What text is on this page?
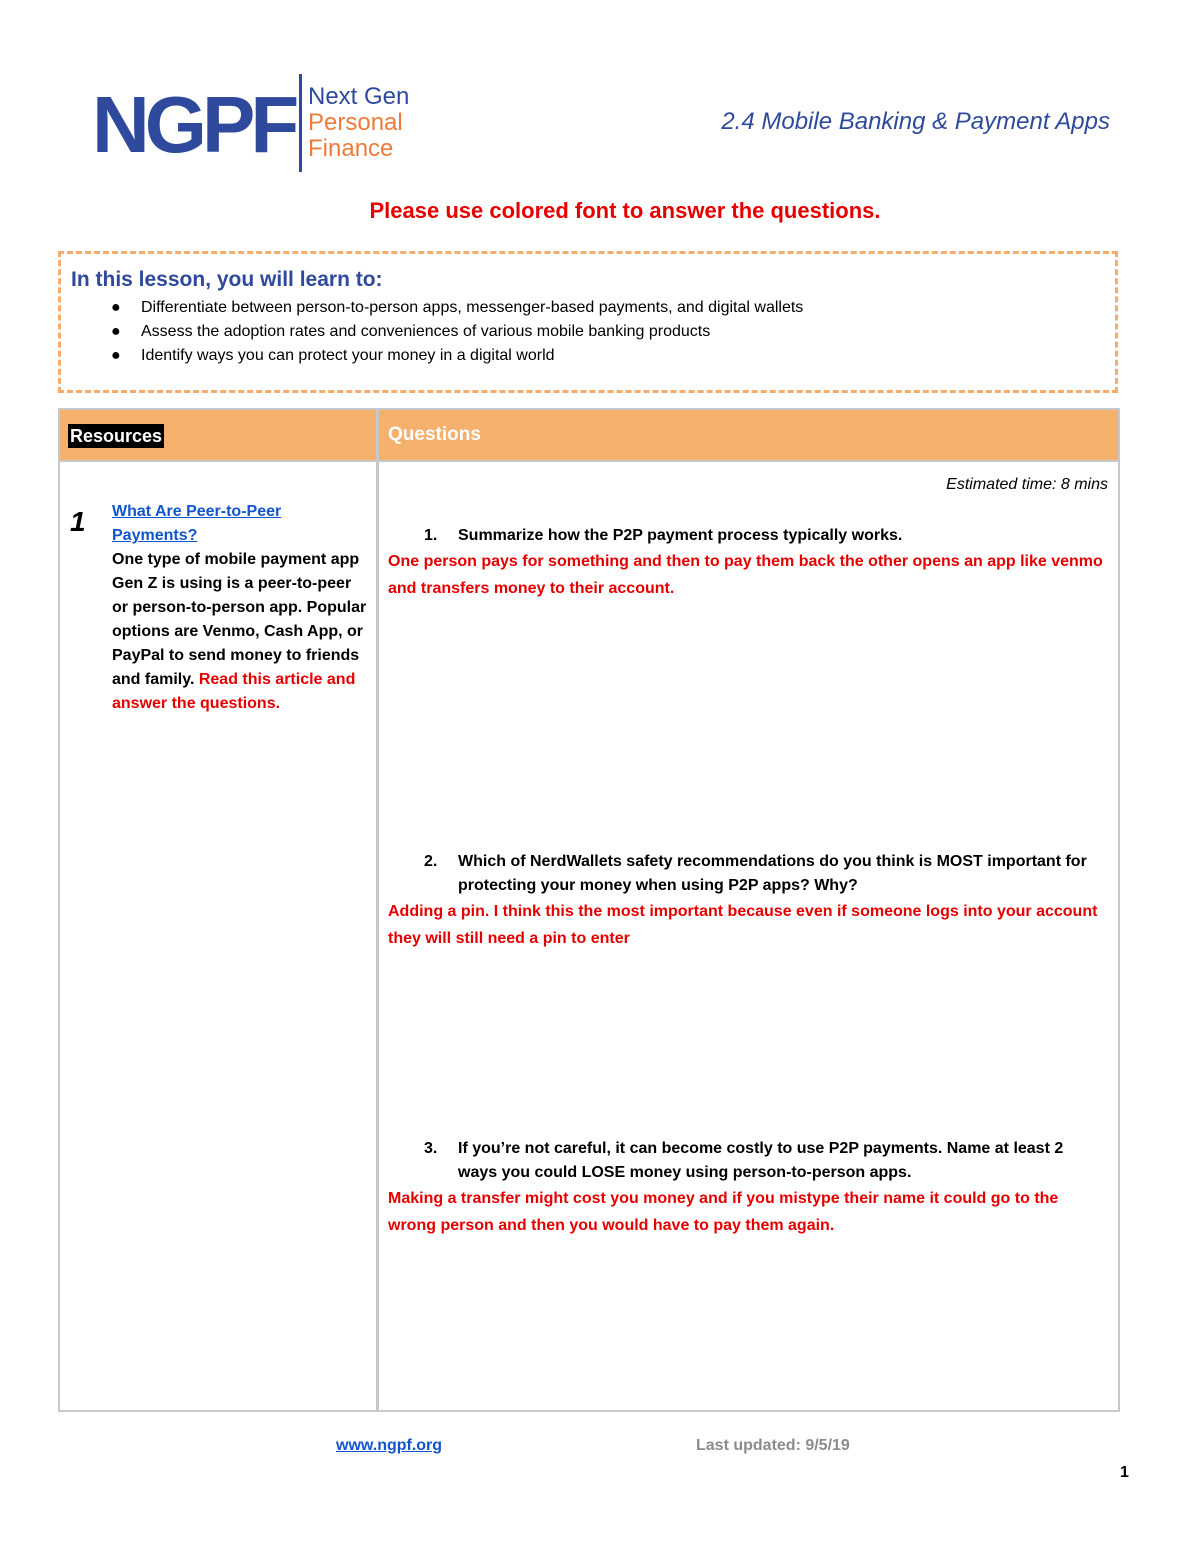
NGPF Next Gen
Personal
Finance
2.4 Mobile Banking & Payment Apps
Please use colored font to answer the questions.
In this lesson, you will learn to:
● Differentiate between person-to-person apps, messenger-based payments, and digital wallets
● Assess the adoption rates and conveniences of various mobile banking products
● Identify ways you can protect your money in a digital world
Resources	Questions
1 What Are Peer-to-Peer Payments?
One type of mobile payment app Gen Z is using is a peer-to-peer or person-to-person app. Popular options are Venmo, Cash App, or PayPal to send money to friends and family. Read this article and answer the questions.
Estimated time: 8 mins
1. Summarize how the P2P payment process typically works.
One person pays for something and then to pay them back the other opens an app like venmo and transfers money to their account.
2. Which of NerdWallets safety recommendations do you think is MOST important for protecting your money when using P2P apps? Why?
Adding a pin. I think this the most important because even if someone logs into your account they will still need a pin to enter
3. If you’re not careful, it can become costly to use P2P payments. Name at least 2 ways you could LOSE money using person-to-person apps.
Making a transfer might cost you money and if you mistype their name it could go to the wrong person and then you would have to pay them again.
www.ngpf.org	Last updated: 9/5/19
1
